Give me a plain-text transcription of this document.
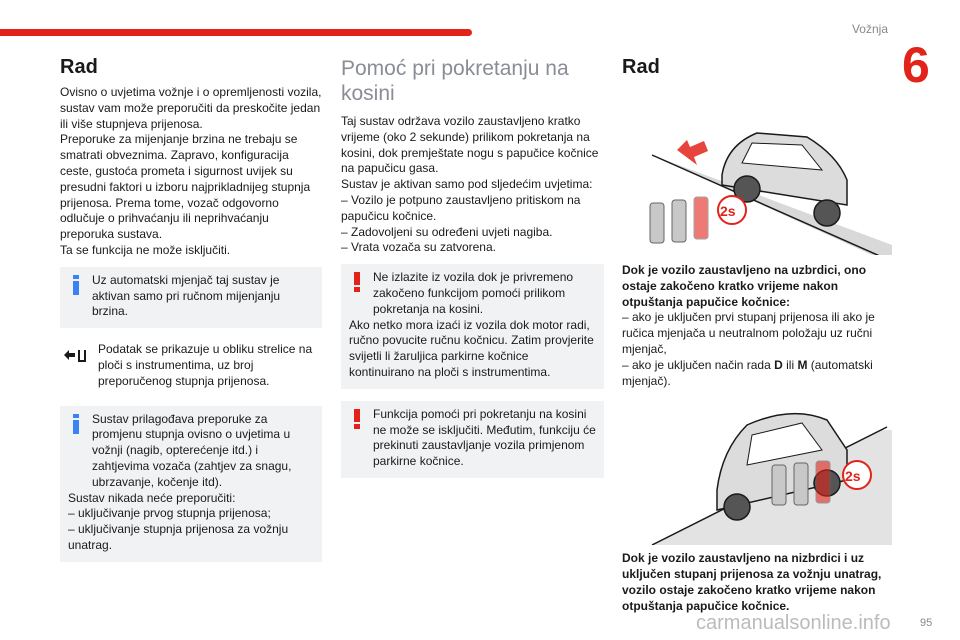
Vožnja
6
Rad
Ovisno o uvjetima vožnje i o opremljenosti vozila, sustav vam može preporučiti da preskočite jedan ili više stupnjeva prijenosa.
Preporuke za mijenjanje brzina ne trebaju se smatrati obveznima. Zapravo, konfiguracija ceste, gustoća prometa i sigurnost uvijek su presudni faktori u izboru najprikladnijeg stupnja prijenosa. Prema tome, vozač odgovorno odlučuje o prihvaćanju ili neprihvaćanju preporuka sustava.
Ta se funkcija ne može isključiti.
Uz automatski mjenjač taj sustav je aktivan samo pri ručnom mijenjanju brzina.
Podatak se prikazuje u obliku strelice na ploči s instrumentima, uz broj preporučenog stupnja prijenosa.
Sustav prilagođava preporuke za promjenu stupnja ovisno o uvjetima u vožnji (nagib, opterećenje itd.) i zahtjevima vozača (zahtjev za snagu, ubrzavanje, kočenje itd).
Sustav nikada neće preporučiti:
– uključivanje prvog stupnja prijenosa;
– uključivanje stupnja prijenosa za vožnju unatrag.
Pomoć pri pokretanju na kosini
Taj sustav održava vozilo zaustavljeno kratko vrijeme (oko 2 sekunde) prilikom pokretanja na kosini, dok premještate nogu s papučice kočnice na papučicu gasa.
Sustav je aktivan samo pod sljedećim uvjetima:
– Vozilo je potpuno zaustavljeno pritiskom na papučicu kočnice.
– Zadovoljeni su određeni uvjeti nagiba.
– Vrata vozača su zatvorena.
Ne izlazite iz vozila dok je privremeno zakočeno funkcijom pomoći prilikom pokretanja na kosini.
Ako netko mora izaći iz vozila dok motor radi, ručno povucite ručnu kočnicu. Zatim provjerite svijetli li žaruljica parkirne kočnice kontinuirano na ploči s instrumentima.
Funkcija pomoći pri pokretanju na kosini ne može se isključiti. Međutim, funkciju će prekinuti zaustavljanje vozila primjenom parkirne kočnice.
Rad
2s
Dok je vozilo zaustavljeno na uzbrdici, ono ostaje zakočeno kratko vrijeme nakon otpuštanja papučice kočnice:
– ako je uključen prvi stupanj prijenosa ili ako je ručica mjenjača u neutralnom položaju uz ručni mjenjač,
– ako je uključen način rada D ili M (automatski mjenjač).
2s
Dok je vozilo zaustavljeno na nizbrdici i uz uključen stupanj prijenosa za vožnju unatrag, vozilo ostaje zakočeno kratko vrijeme nakon otpuštanja papučice kočnice.
carmanualsonline.info	95
